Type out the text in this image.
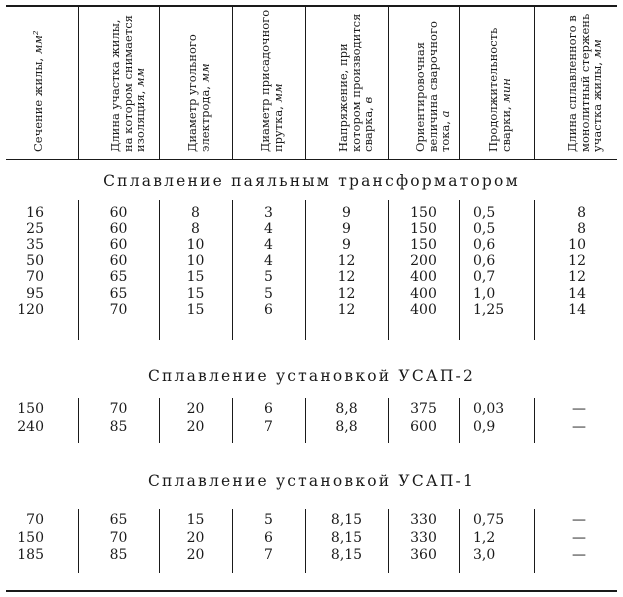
Сечение жилы, мм²	Длина участка жилы, на котором снимается изоляция, мм	Диаметр угольного электрода, мм	Диаметр присадочного прутка, мм	Напряжение, при котором производится сварка, в	Ориентировочная величина сварочного тока, а	Продолжительность сварки, мин	Длина сплавленного в монолитный стержень участка жилы, мм
Сплавление паяльным трансформатором
16	60	8	3	9	150	0,5	8
25	60	8	4	9	150	0,5	8
35	60	10	4	9	150	0,6	10
50	60	10	4	12	200	0,6	12
70	65	15	5	12	400	0,7	12
95	65	15	5	12	400	1,0	14
120	70	15	6	12	400	1,25	14
Сплавление установкой УСАП-2
150	70	20	6	8,8	375	0,03	—
240	85	20	7	8,8	600	0,9	—
Сплавление установкой УСАП-1
70	65	15	5	8,15	330	0,75	—
150	70	20	6	8,15	330	1,2	—
185	85	20	7	8,15	360	3,0	—
